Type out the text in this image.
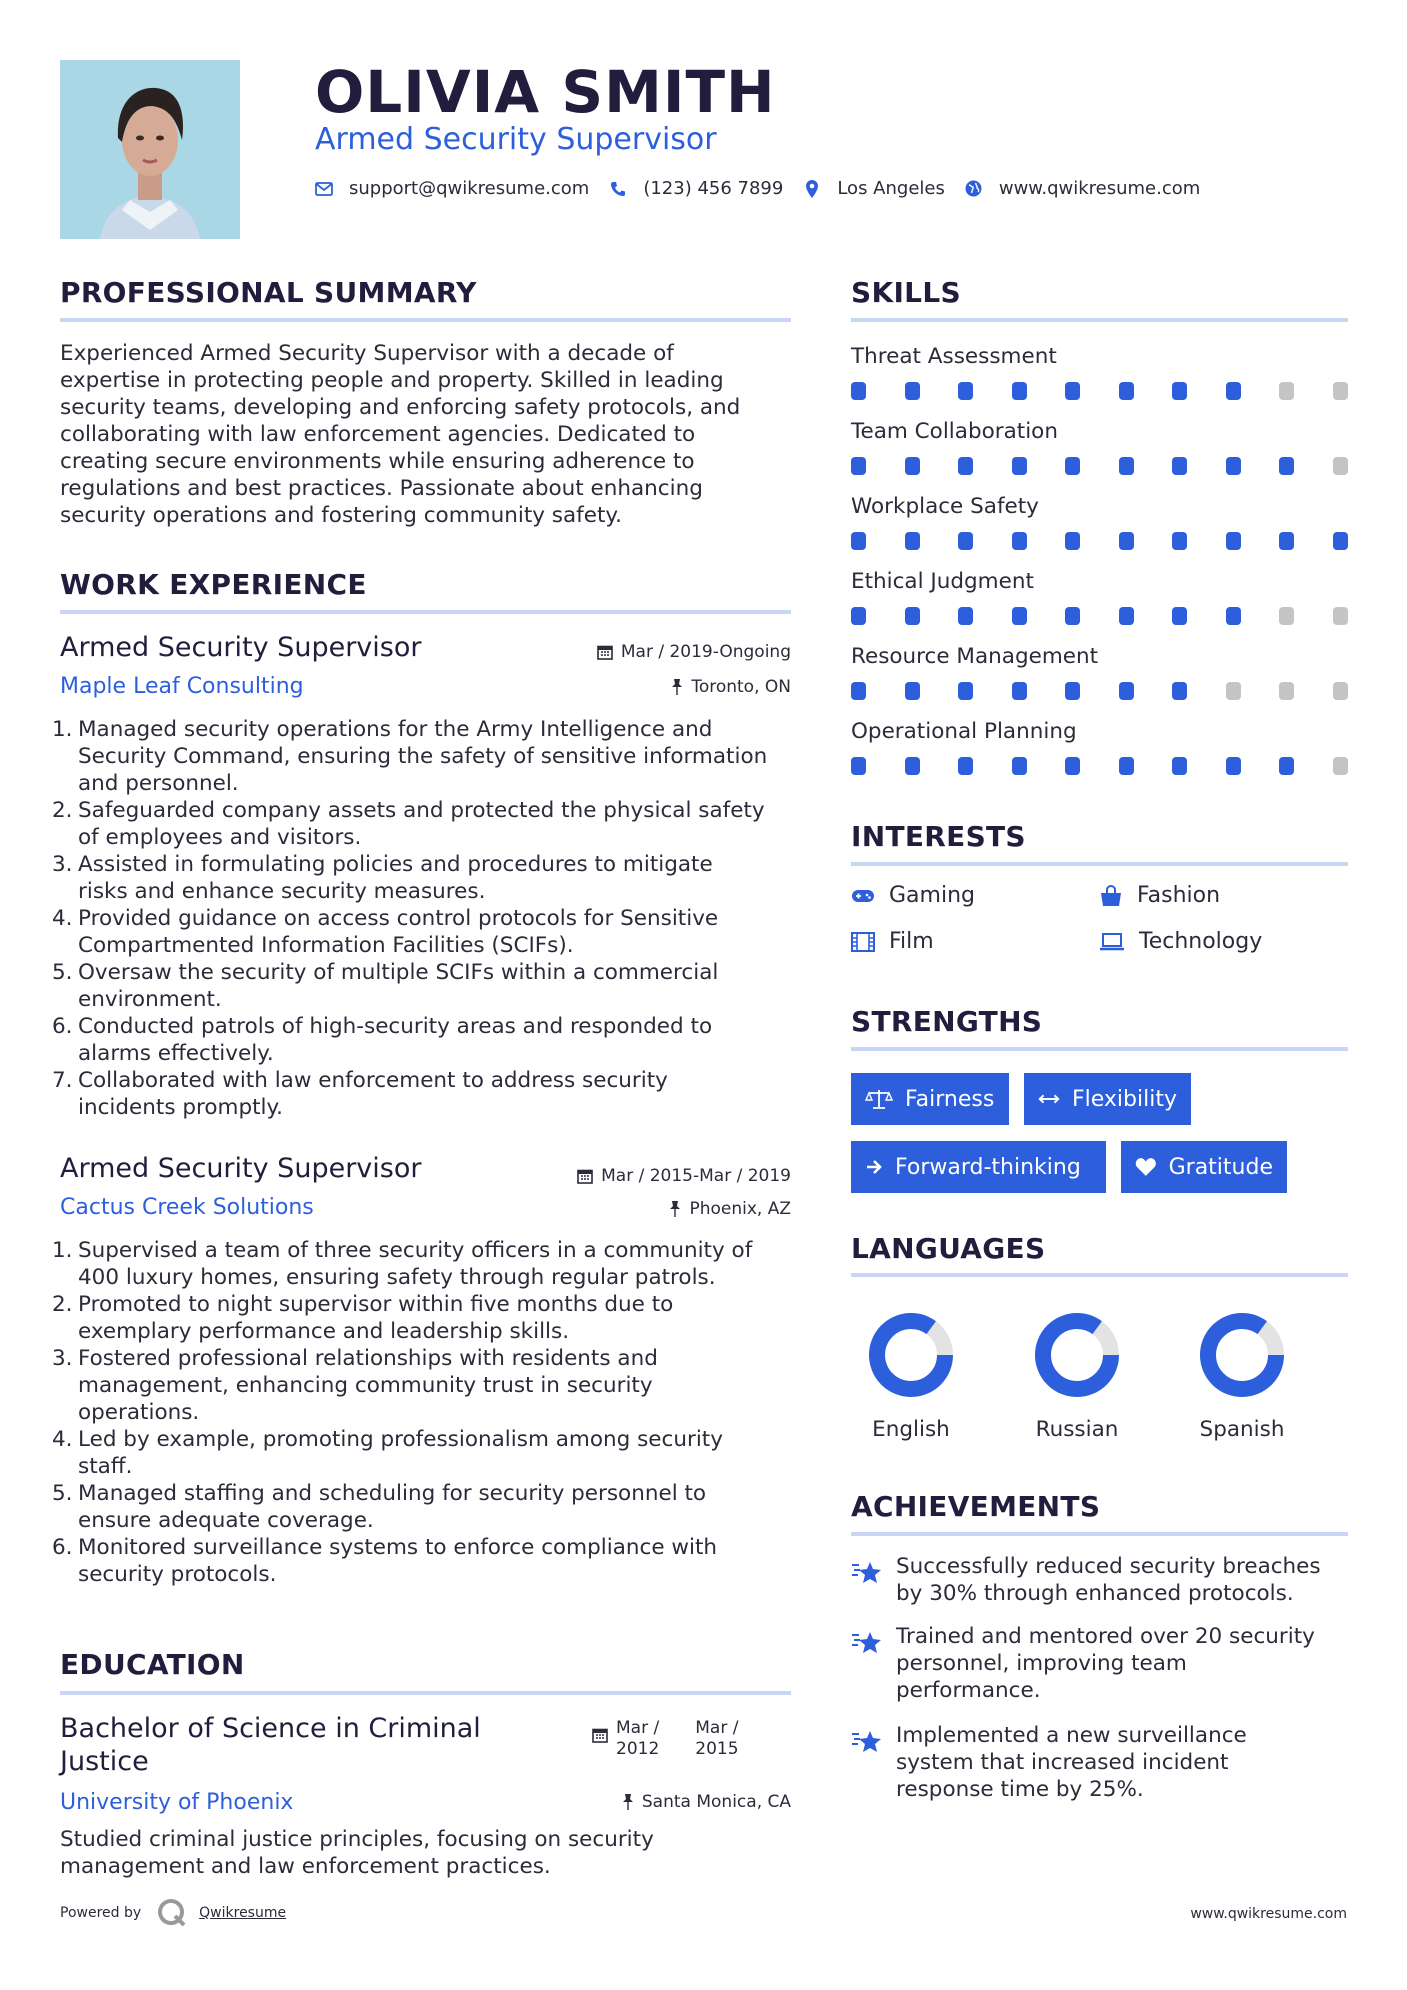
OLIVIA SMITH
Armed Security Supervisor
support@qwikresume.com	(123) 456 7899	Los Angeles	www.qwikresume.com
PROFESSIONAL SUMMARY
Experienced Armed Security Supervisor with a decade of
expertise in protecting people and property. Skilled in leading
security teams, developing and enforcing safety protocols, and
collaborating with law enforcement agencies. Dedicated to
creating secure environments while ensuring adherence to
regulations and best practices. Passionate about enhancing
security operations and fostering community safety.
WORK EXPERIENCE
Armed Security Supervisor	Mar / 2019-Ongoing
Maple Leaf Consulting	Toronto, ON
1. Managed security operations for the Army Intelligence and
Security Command, ensuring the safety of sensitive information
and personnel.
2. Safeguarded company assets and protected the physical safety
of employees and visitors.
3. Assisted in formulating policies and procedures to mitigate
risks and enhance security measures.
4. Provided guidance on access control protocols for Sensitive
Compartmented Information Facilities (SCIFs).
5. Oversaw the security of multiple SCIFs within a commercial
environment.
6. Conducted patrols of high-security areas and responded to
alarms effectively.
7. Collaborated with law enforcement to address security
incidents promptly.
Armed Security Supervisor	Mar / 2015-Mar / 2019
Cactus Creek Solutions	Phoenix, AZ
1. Supervised a team of three security officers in a community of
400 luxury homes, ensuring safety through regular patrols.
2. Promoted to night supervisor within five months due to
exemplary performance and leadership skills.
3. Fostered professional relationships with residents and
management, enhancing community trust in security
operations.
4. Led by example, promoting professionalism among security
staff.
5. Managed staffing and scheduling for security personnel to
ensure adequate coverage.
6. Monitored surveillance systems to enforce compliance with
security protocols.
EDUCATION
Bachelor of Science in Criminal
Justice
Mar /
2012
Mar /
2015
University of Phoenix	Santa Monica, CA
Studied criminal justice principles, focusing on security
management and law enforcement practices.
SKILLS
Threat Assessment
Team Collaboration
Workplace Safety
Ethical Judgment
Resource Management
Operational Planning
INTERESTS
Gaming	Fashion
Film	Technology
STRENGTHS
Fairness	Flexibility
Forward-thinking	Gratitude
LANGUAGES
English	Russian	Spanish
ACHIEVEMENTS
Successfully reduced security breaches
by 30% through enhanced protocols.
Trained and mentored over 20 security
personnel, improving team
performance.
Implemented a new surveillance
system that increased incident
response time by 25%.
Powered by	Qwikresume	www.qwikresume.com
